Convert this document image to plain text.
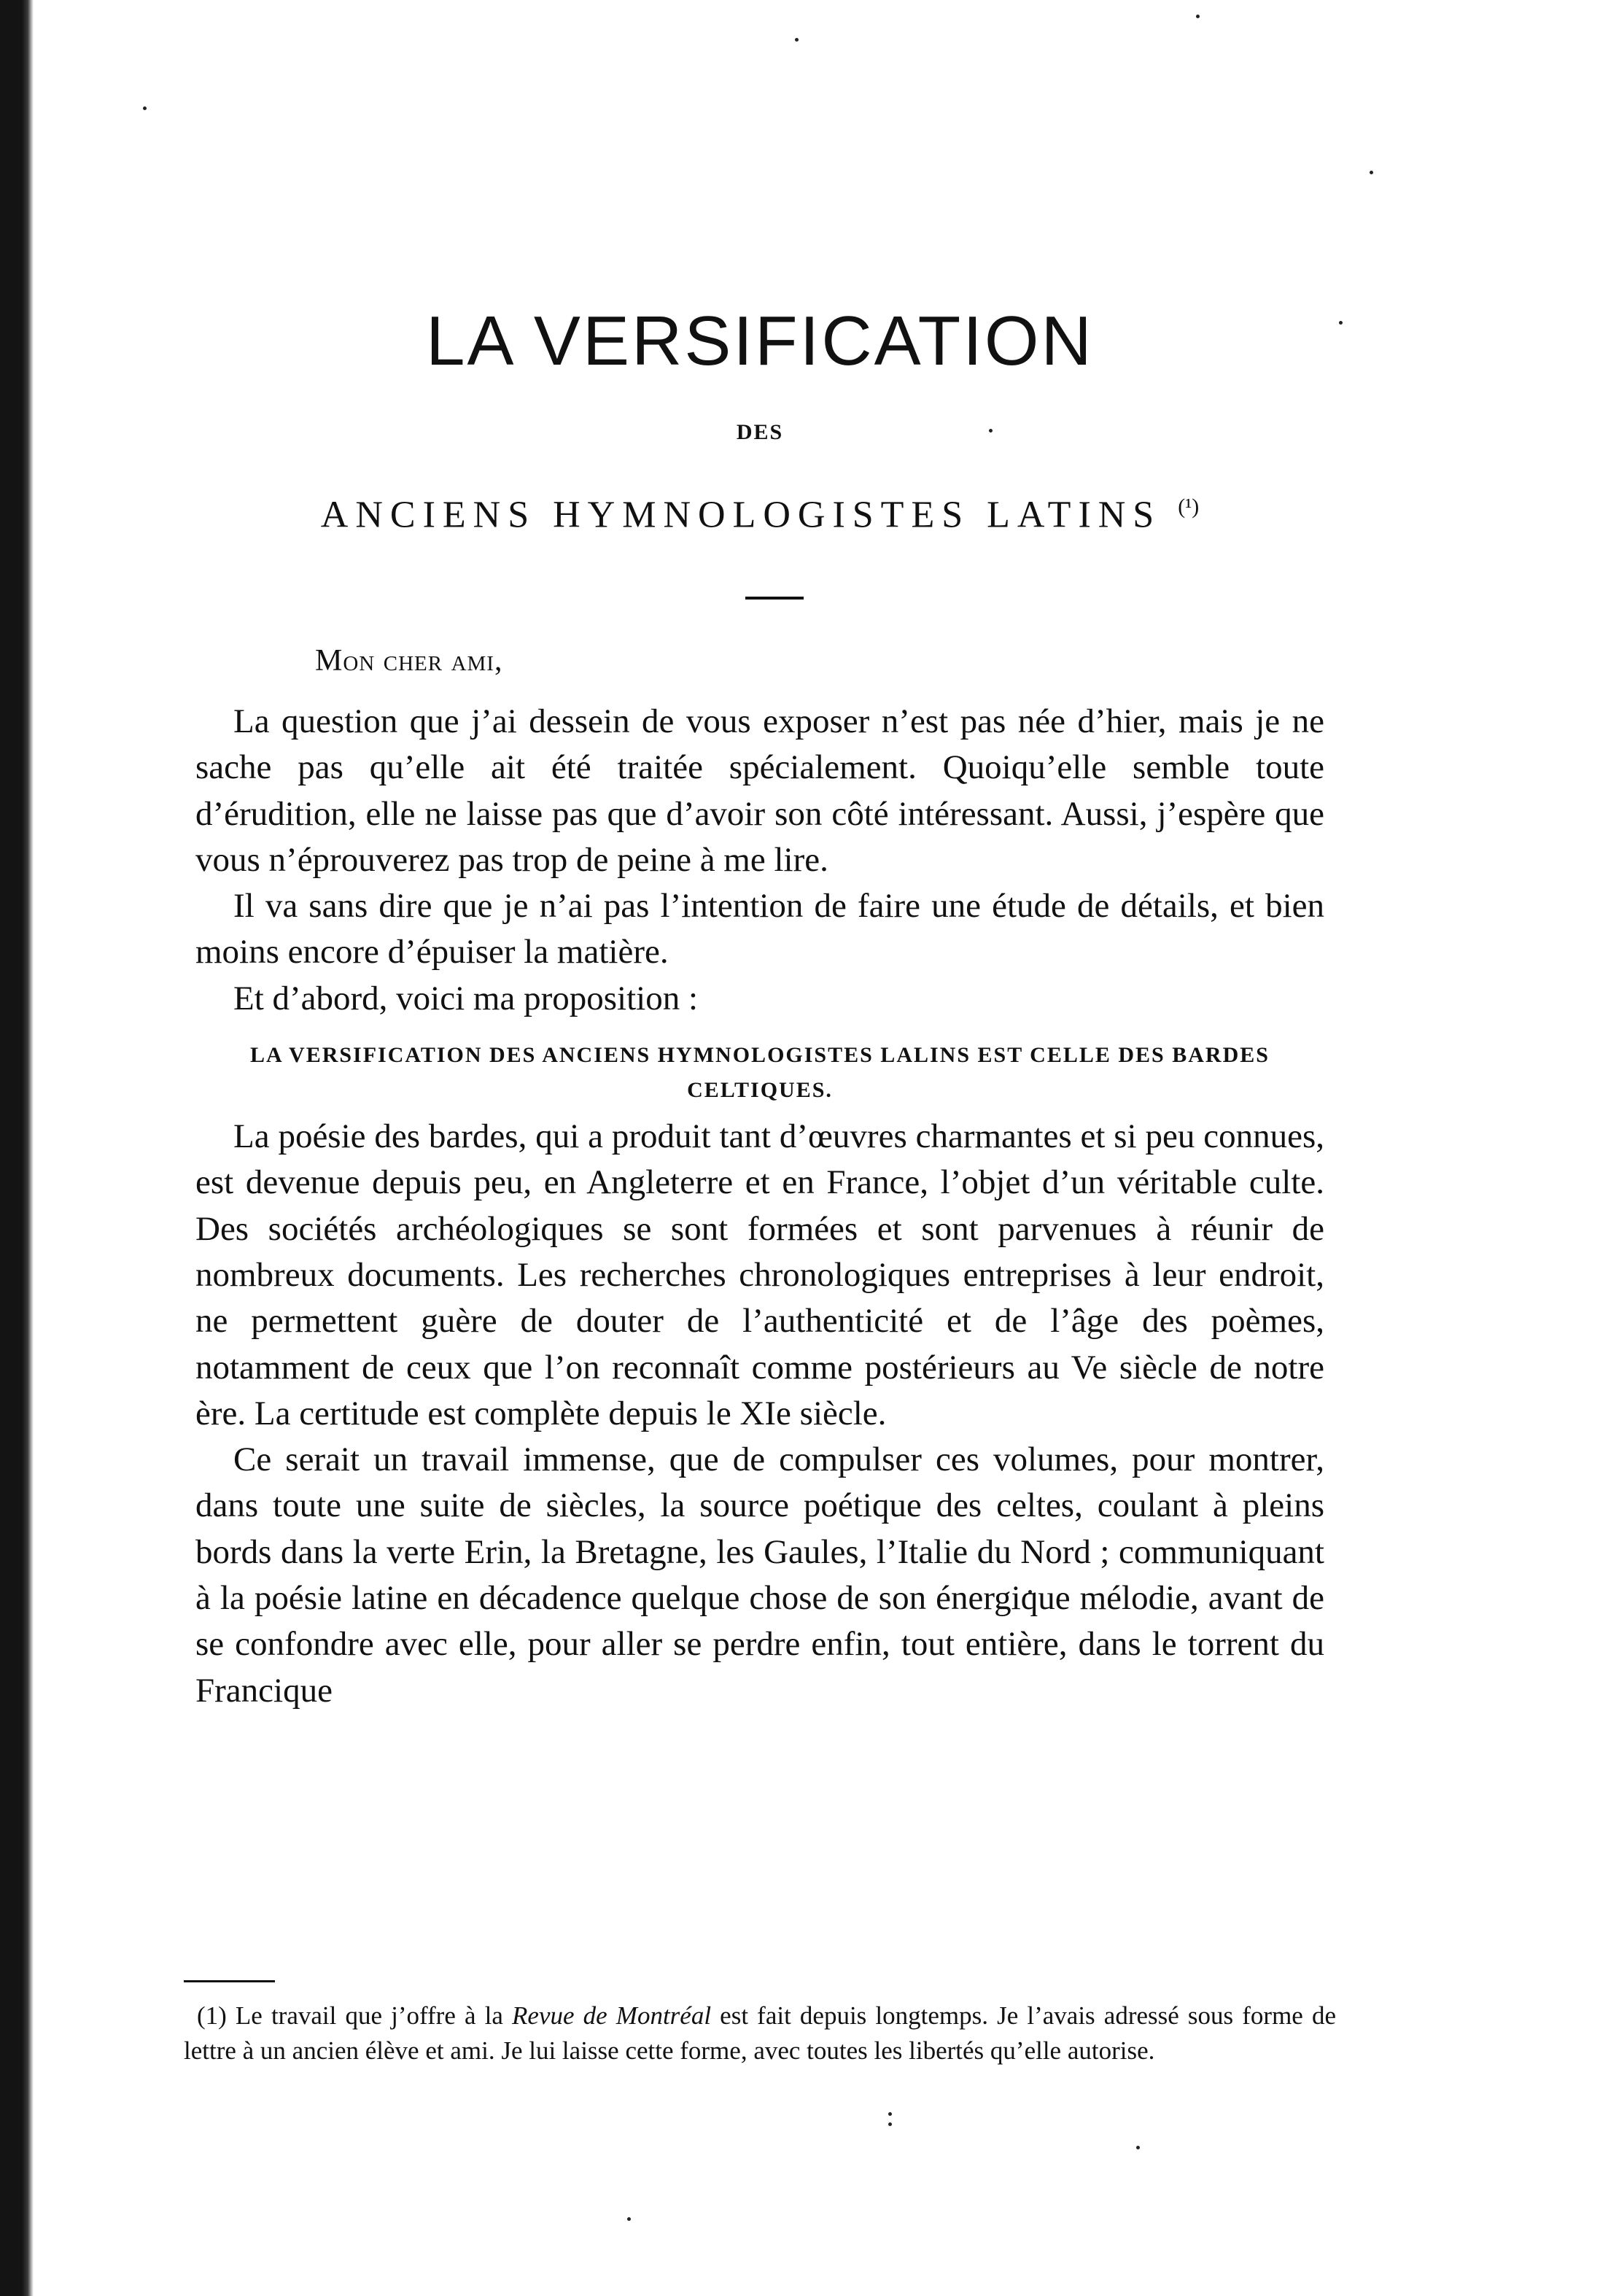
LA VERSIFICATION
DES
ANCIENS HYMNOLOGISTES LATINS $^{(^1)}$
Mon cher ami,

La question que j’ai dessein de vous exposer n’est pas née d’hier, mais je ne sache pas qu’elle ait été traitée spécialement. Quoiqu’elle semble toute d’érudition, elle ne laisse pas que d’avoir son côté intéressant. Aussi, j’espère que vous n’éprouverez pas trop de peine à me lire.

Il va sans dire que je n’ai pas l’intention de faire une étude de détails, et bien moins encore d’épuiser la matière.

Et d’abord, voici ma proposition :

LA VERSIFICATION DES ANCIENS HYMNOLOGISTES LALINS EST CELLE DES BARDES CELTIQUES.

La poésie des bardes, qui a produit tant d’œuvres charmantes et si peu connues, est devenue depuis peu, en Angleterre et en France, l’objet d’un véritable culte. Des sociétés archéologiques se sont formées et sont parvenues à réunir de nombreux documents. Les recherches chronologiques entreprises à leur endroit, ne permettent guère de douter de l’authenticité et de l’âge des poèmes, notamment de ceux que l’on reconnaît comme postérieurs au Ve siècle de notre ère. La certitude est complète depuis le XIe siècle.

Ce serait un travail immense, que de compulser ces volumes, pour montrer, dans toute une suite de siècles, la source poétique des celtes, coulant à pleins bords dans la verte Erin, la Bretagne, les Gaules, l’Italie du Nord ; communiquant à la poésie latine en décadence quelque chose de son énergique mélodie, avant de se confondre avec elle, pour aller se perdre enfin, tout entière, dans le torrent du Francique

(1) Le travail que j’offre à la Revue de Montréal est fait depuis longtemps. Je l’avais adressé sous forme de lettre à un ancien élève et ami. Je lui laisse cette forme, avec toutes les libertés qu’elle autorise.
